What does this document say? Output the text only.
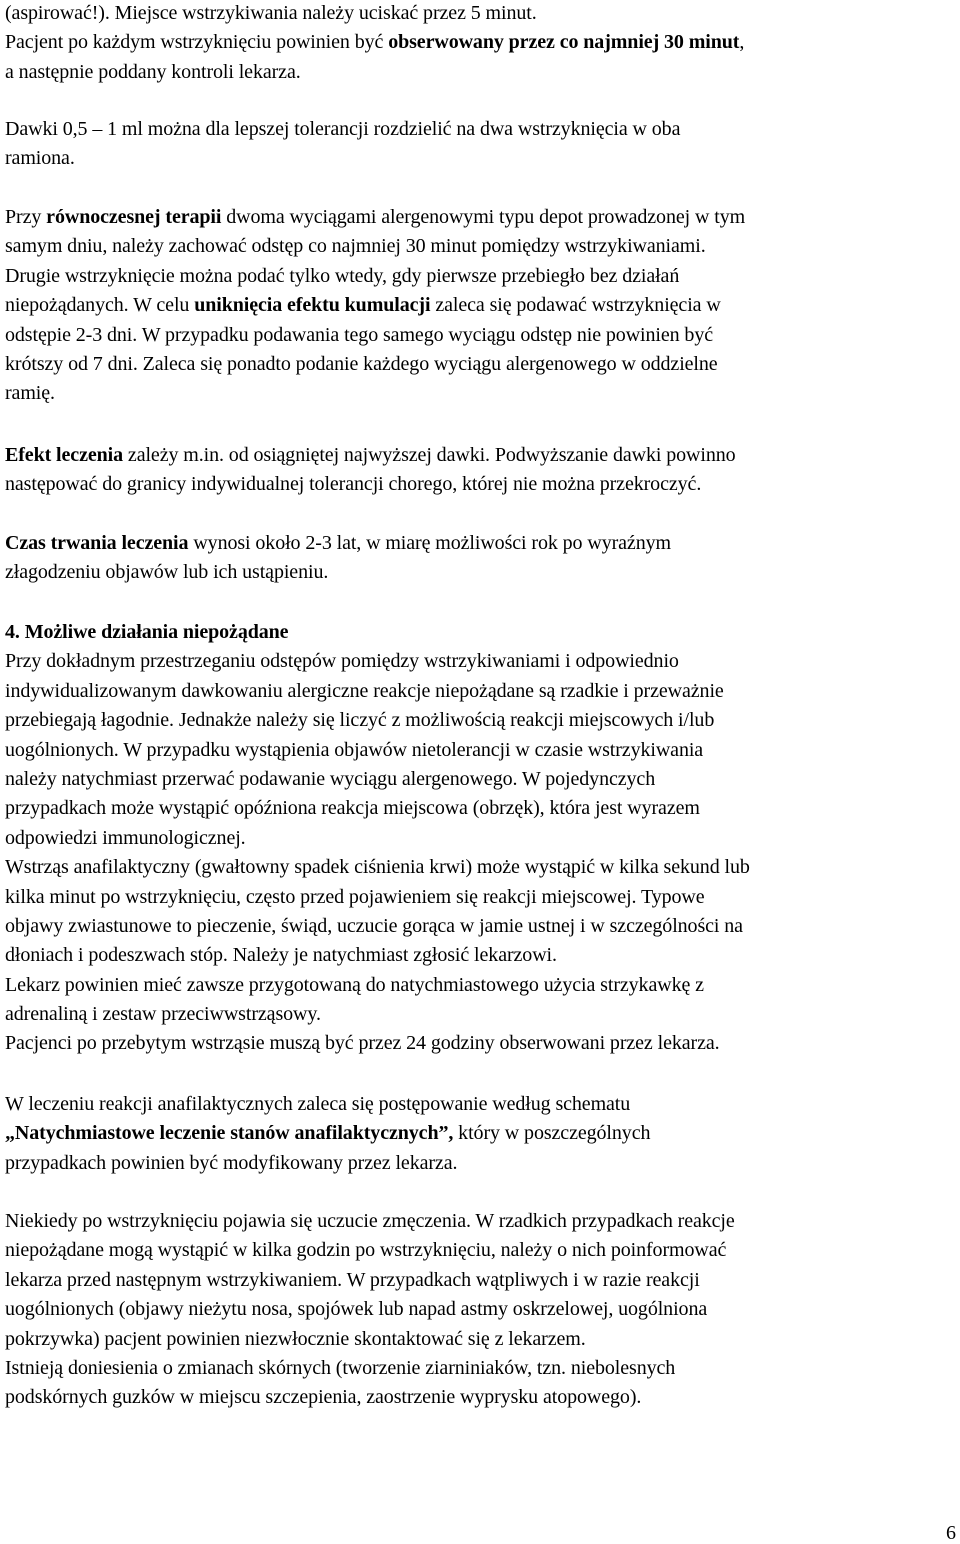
(aspirować!). Miejsce wstrzykiwania należy uciskać przez 5 minut.
Pacjent po każdym wstrzyknięciu powinien być obserwowany przez co najmniej 30 minut,
a następnie poddany kontroli lekarza.
Dawki 0,5 – 1 ml można dla lepszej tolerancji rozdzielić na dwa wstrzyknięcia w oba
ramiona.
Przy równoczesnej terapii dwoma wyciągami alergenowymi typu depot prowadzonej w tym
samym dniu, należy zachować odstęp co najmniej 30 minut pomiędzy wstrzykiwaniami.
Drugie wstrzyknięcie można podać tylko wtedy, gdy pierwsze przebiegło bez działań
niepożądanych. W celu uniknięcia efektu kumulacji zaleca się podawać wstrzyknięcia w
odstępie 2-3 dni. W przypadku podawania tego samego wyciągu odstęp nie powinien być
krótszy od 7 dni. Zaleca się ponadto podanie każdego wyciągu alergenowego w oddzielne
ramię.
Efekt leczenia zależy m.in. od osiągniętej najwyższej dawki. Podwyższanie dawki powinno
następować do granicy indywidualnej tolerancji chorego, której nie można przekroczyć.
Czas trwania leczenia wynosi około 2-3 lat, w miarę możliwości rok po wyraźnym
złagodzeniu objawów lub ich ustąpieniu.
4. Możliwe działania niepożądane
Przy dokładnym przestrzeganiu odstępów pomiędzy wstrzykiwaniami i odpowiednio
indywidualizowanym dawkowaniu alergiczne reakcje niepożądane są rzadkie i przeważnie
przebiegają łagodnie. Jednakże należy się liczyć z możliwością reakcji miejscowych i/lub
uogólnionych. W przypadku wystąpienia objawów nietolerancji w czasie wstrzykiwania
należy natychmiast przerwać podawanie wyciągu alergenowego. W pojedynczych
przypadkach może wystąpić opóźniona reakcja miejscowa (obrzęk), która jest wyrazem
odpowiedzi immunologicznej.
Wstrząs anafilaktyczny (gwałtowny spadek ciśnienia krwi) może wystąpić w kilka sekund lub
kilka minut po wstrzyknięciu, często przed pojawieniem się reakcji miejscowej. Typowe
objawy zwiastunowe to pieczenie, świąd, uczucie gorąca w jamie ustnej i w szczególności na
dłoniach i podeszwach stóp. Należy je natychmiast zgłosić lekarzowi.
Lekarz powinien mieć zawsze przygotowaną do natychmiastowego użycia strzykawkę z
adrenaliną i zestaw przeciwwstrząsowy.
Pacjenci po przebytym wstrząsie muszą być przez 24 godziny obserwowani przez lekarza.
W leczeniu reakcji anafilaktycznych zaleca się postępowanie według schematu
„Natychmiastowe leczenie stanów anafilaktycznych”, który w poszczególnych
przypadkach powinien być modyfikowany przez lekarza.
Niekiedy po wstrzyknięciu pojawia się uczucie zmęczenia. W rzadkich przypadkach reakcje
niepożądane mogą wystąpić w kilka godzin po wstrzyknięciu, należy o nich poinformować
lekarza przed następnym wstrzykiwaniem. W przypadkach wątpliwych i w razie reakcji
uogólnionych (objawy nieżytu nosa, spojówek lub napad astmy oskrzelowej, uogólniona
pokrzywka) pacjent powinien niezwłocznie skontaktować się z lekarzem.
Istnieją doniesienia o zmianach skórnych (tworzenie ziarniniaków, tzn. niebolesnych
podskórnych guzków w miejscu szczepienia, zaostrzenie wyprysku atopowego).
6
